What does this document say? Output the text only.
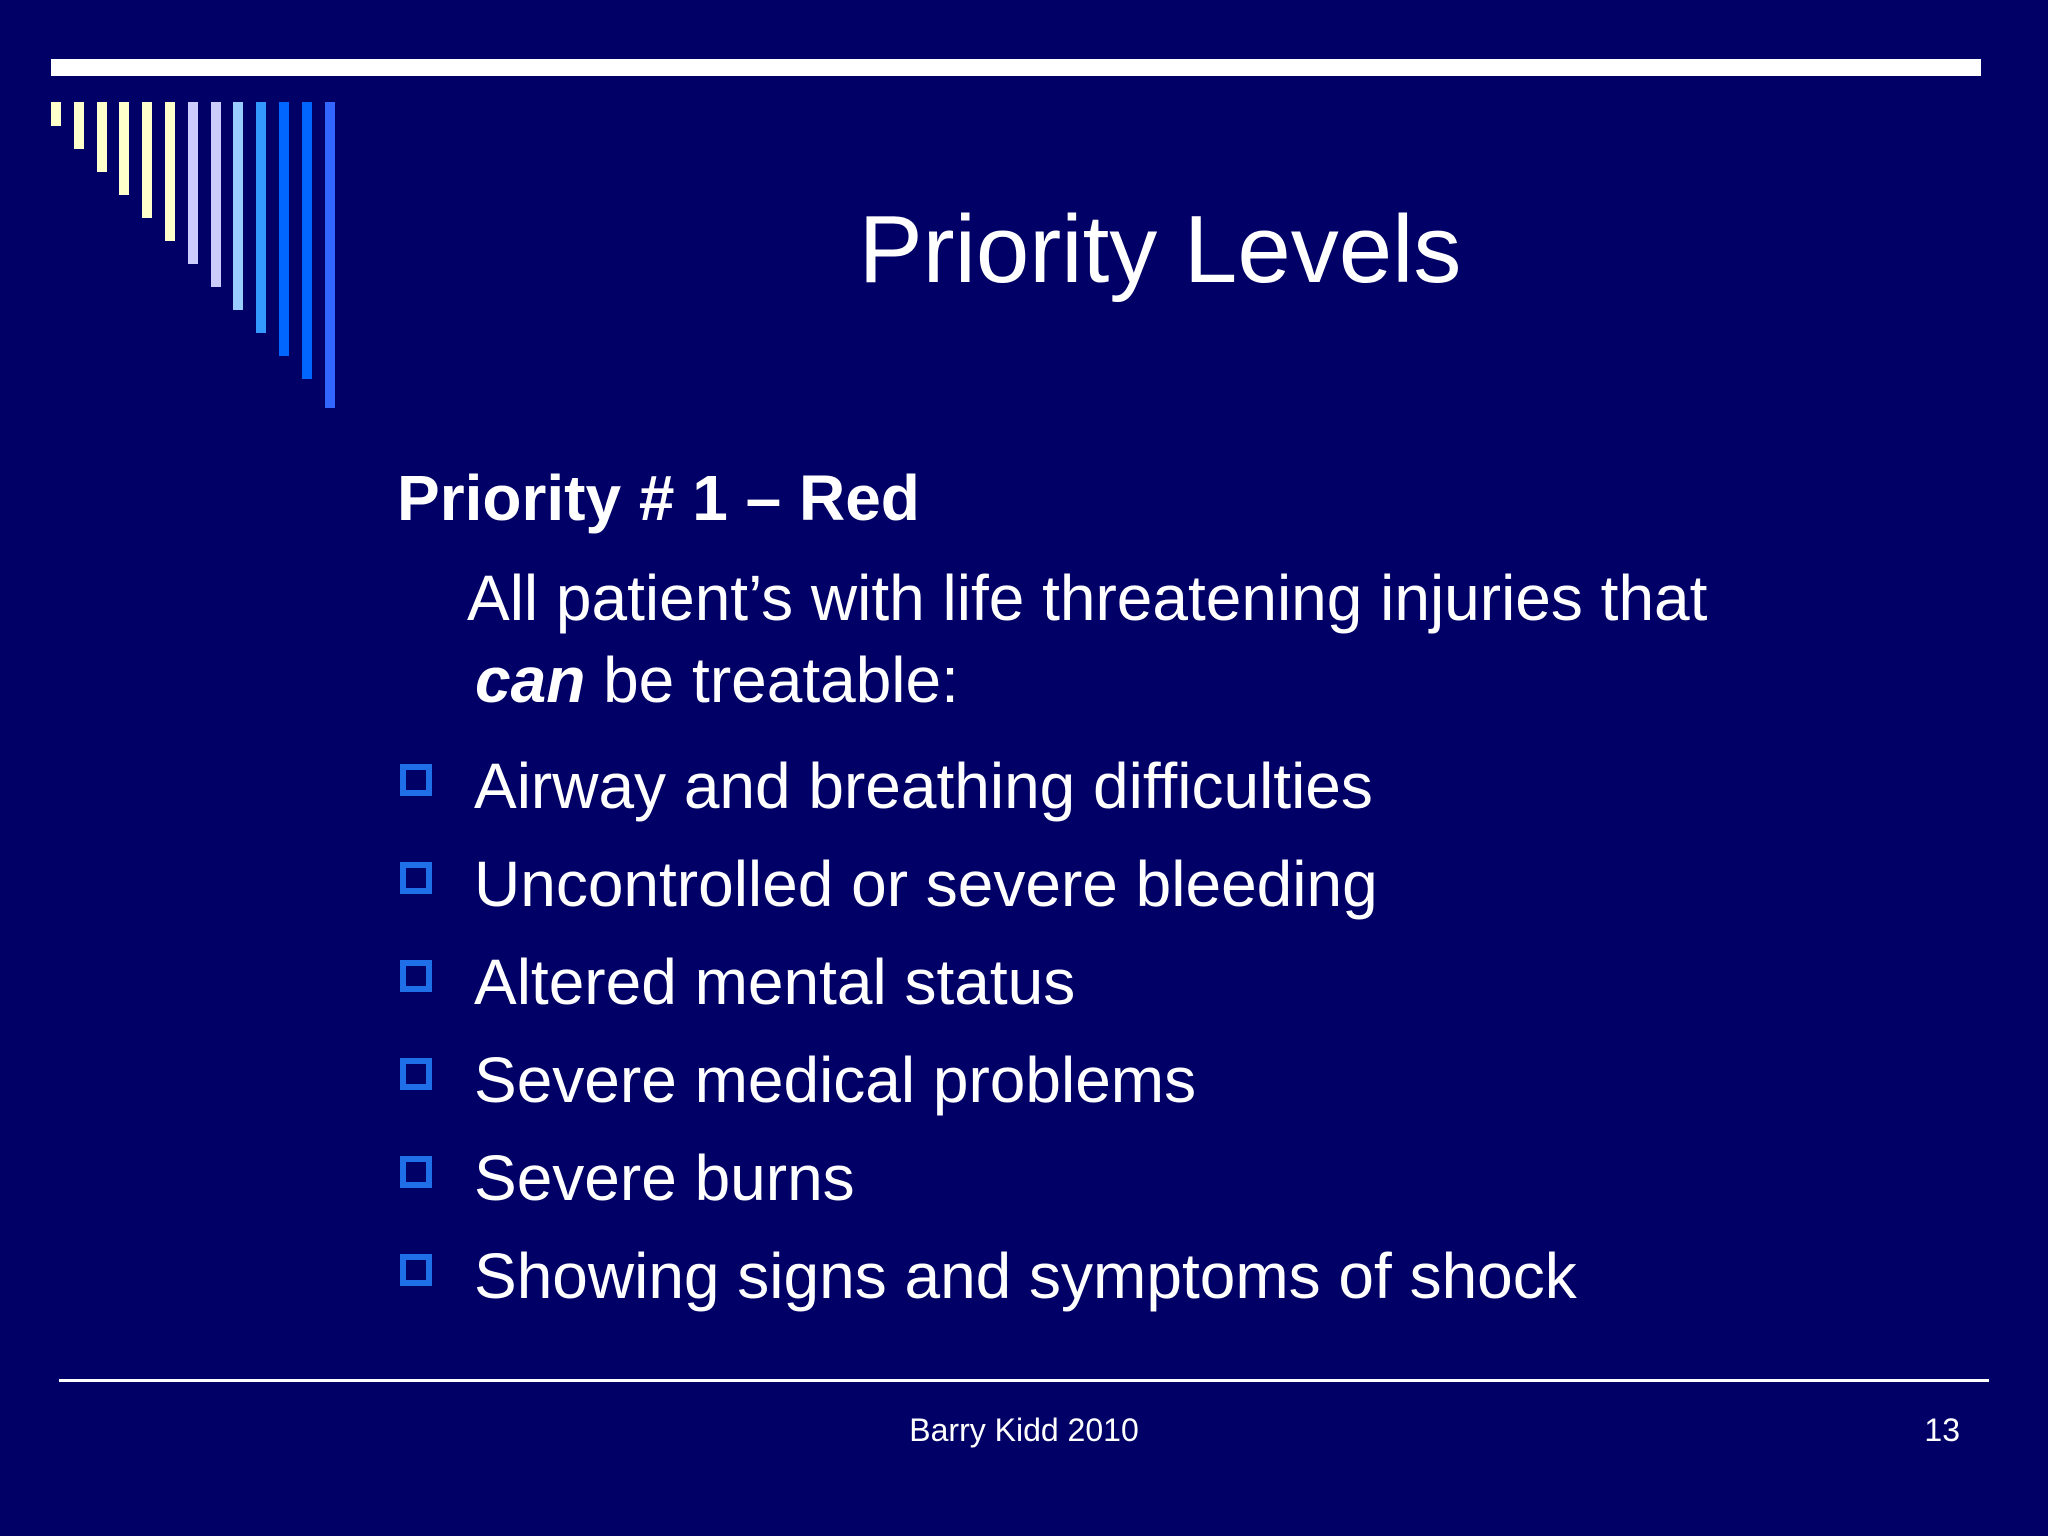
Priority Levels
Priority # 1 – Red
All patient’s with life threatening injuries that
can be treatable:
Airway and breathing difficulties
Uncontrolled or severe bleeding
Altered mental status
Severe medical problems
Severe burns
Showing signs and symptoms of shock
Barry Kidd 2010	13
